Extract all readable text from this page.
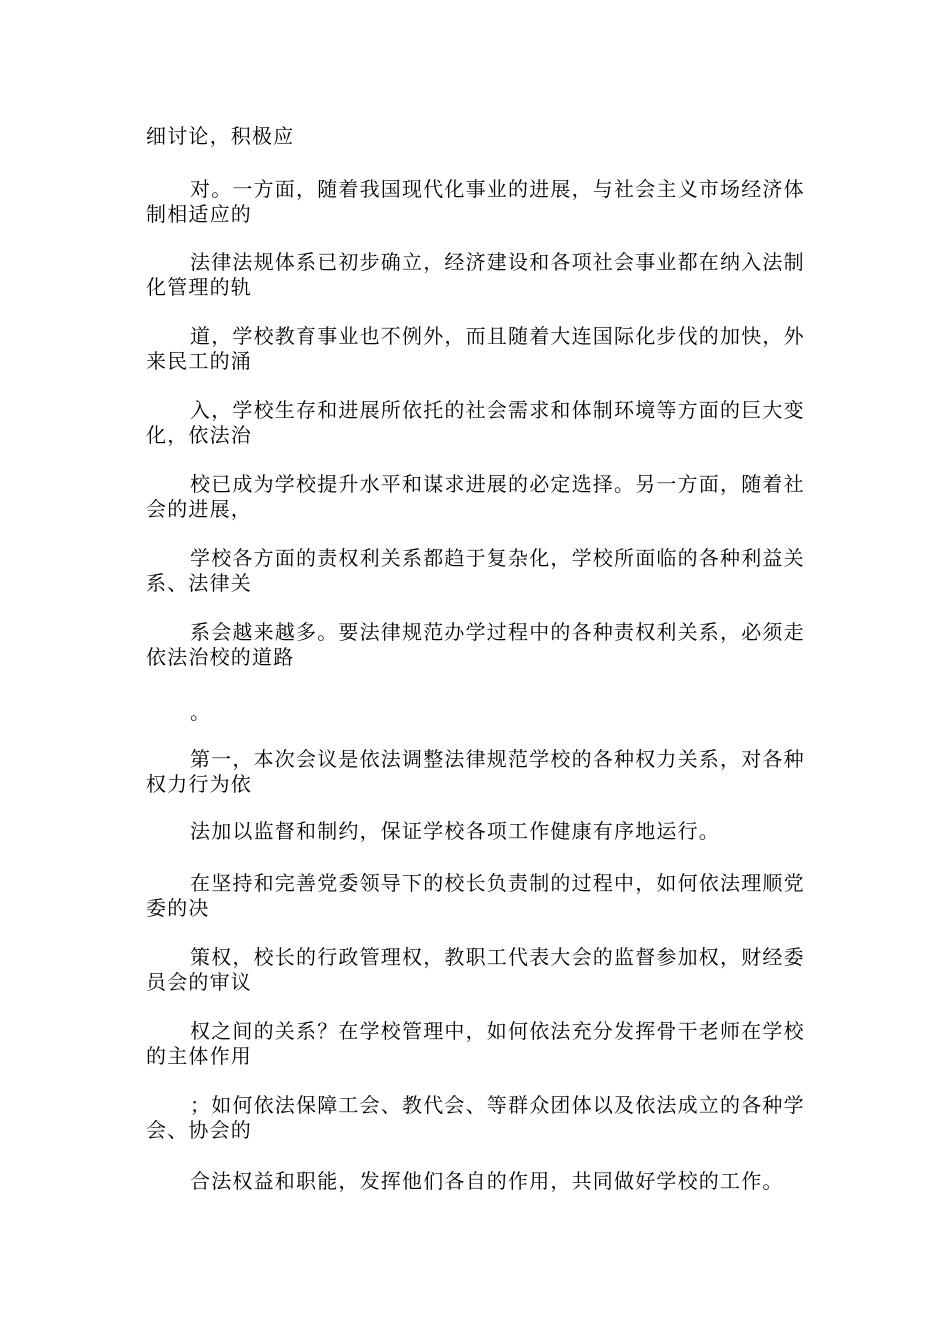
细讨论，积极应

对。一方面，随着我国现代化事业的进展，与社会主义市场经济体制相适应的

法律法规体系已初步确立，经济建设和各项社会事业都在纳入法制化管理的轨

道，学校教育事业也不例外，而且随着大连国际化步伐的加快，外来民工的涌

入，学校生存和进展所依托的社会需求和体制环境等方面的巨大变化，依法治

校已成为学校提升水平和谋求进展的必定选择。另一方面，随着社会的进展，

学校各方面的责权利关系都趋于复杂化，学校所面临的各种利益关系、法律关

系会越来越多。要法律规范办学过程中的各种责权利关系，必须走依法治校的道路

。

第一，本次会议是依法调整法律规范学校的各种权力关系，对各种权力行为依

法加以监督和制约，保证学校各项工作健康有序地运行。

在坚持和完善党委领导下的校长负责制的过程中，如何依法理顺党委的决

策权，校长的行政管理权，教职工代表大会的监督参加权，财经委员会的审议

权之间的关系？在学校管理中，如何依法充分发挥骨干老师在学校的主体作用

；如何依法保障工会、教代会、等群众团体以及依法成立的各种学会、协会的

合法权益和职能，发挥他们各自的作用，共同做好学校的工作。
